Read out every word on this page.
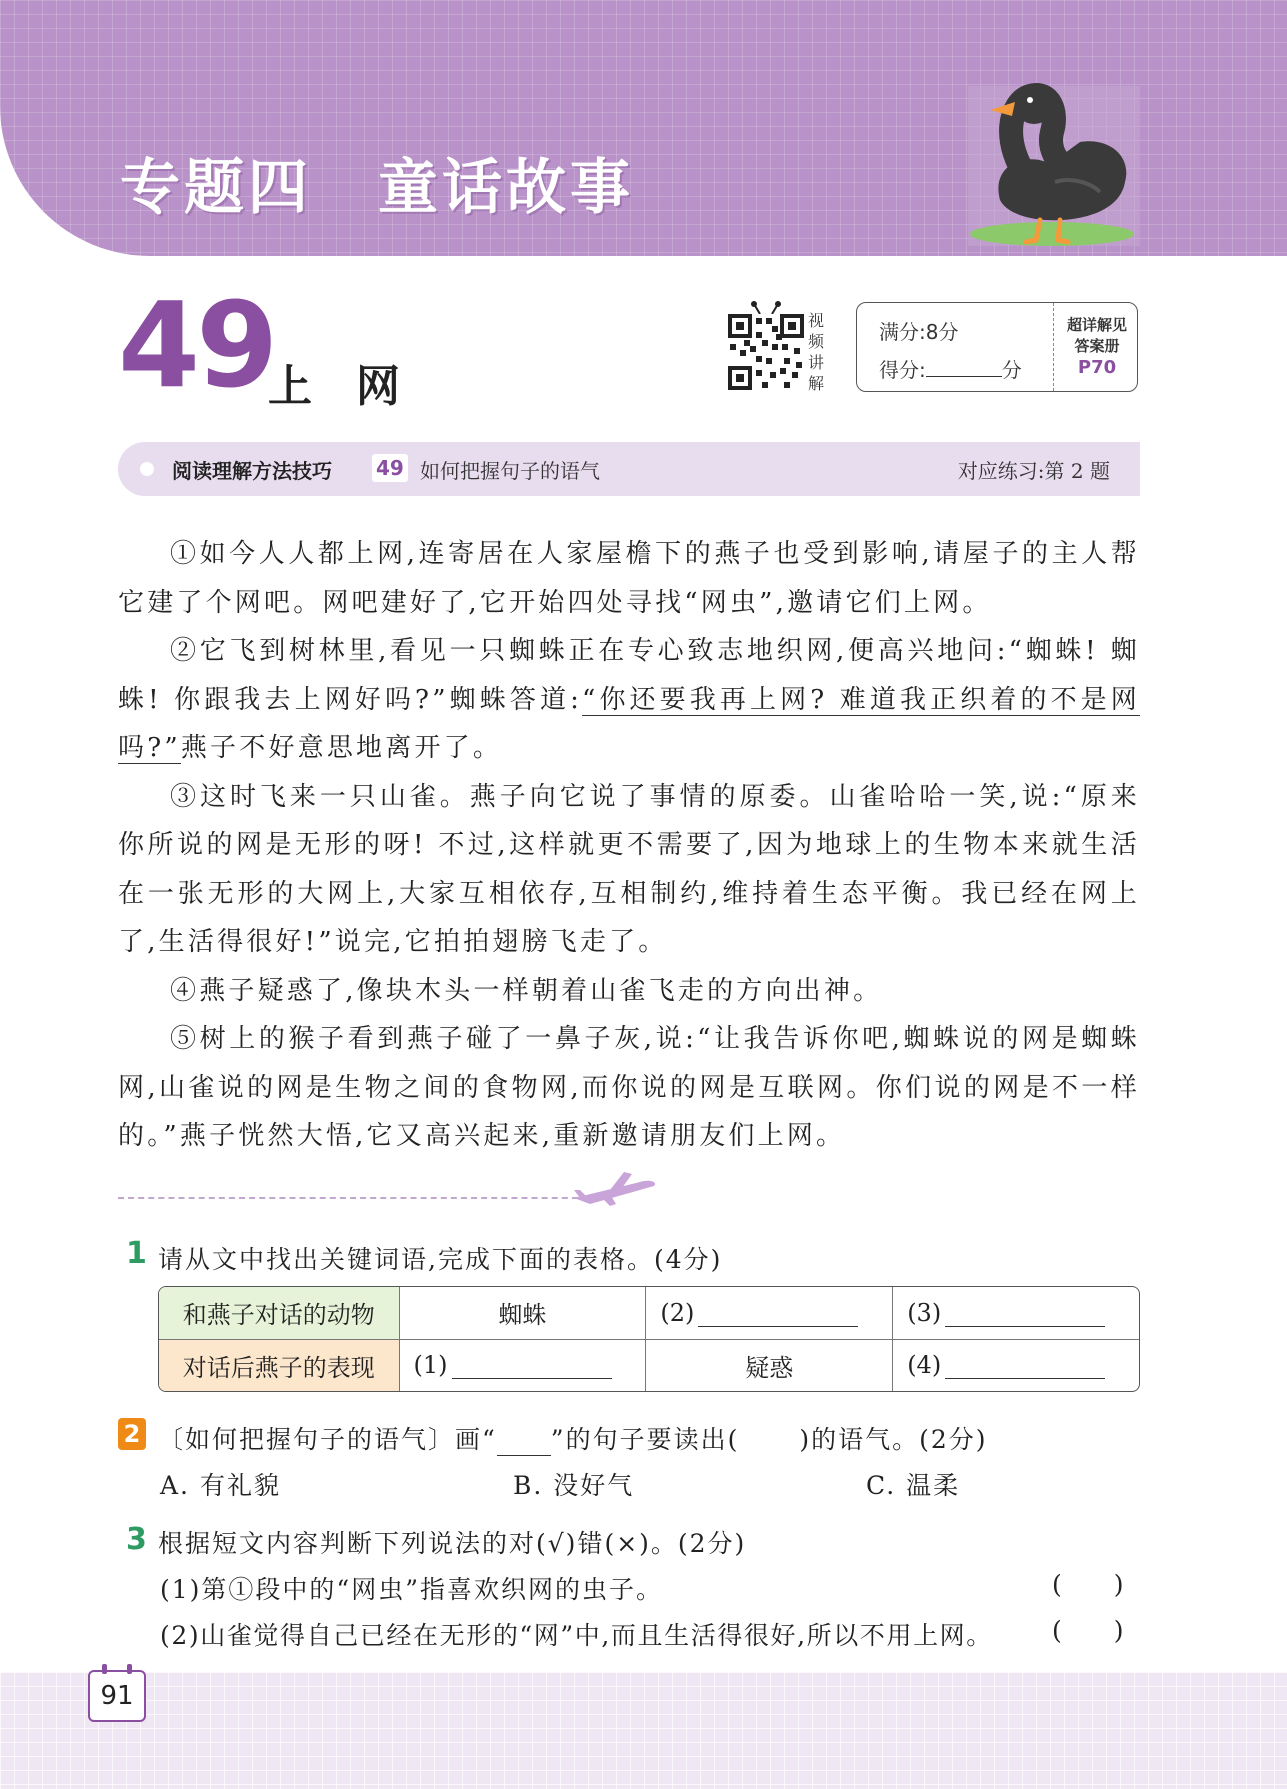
专题四 童话故事
49
上网
视频讲解
满分:8分
得分:	分
超详解见
答案册
P70
阅读理解方法技巧 49 如何把握句子的语气	对应练习:第 2 题

①如今人人都上网,连寄居在人家屋檐下的燕子也受到影响,请屋子的主人帮它建了个网吧。网吧建好了,它开始四处寻找“网虫”,邀请它们上网。

②它飞到树林里,看见一只蜘蛛正在专心致志地织网,便高兴地问:“蜘蛛! 蜘蛛! 你跟我去上网好吗?”蜘蛛答道:“你还要我再上网? 难道我正织着的不是网吗?”燕子不好意思地离开了。

③这时飞来一只山雀。燕子向它说了事情的原委。山雀哈哈一笑,说:“原来你所说的网是无形的呀! 不过,这样就更不需要了,因为地球上的生物本来就生活在一张无形的大网上,大家互相依存,互相制约,维持着生态平衡。我已经在网上了,生活得很好!”说完,它拍拍翅膀飞走了。

④燕子疑惑了,像块木头一样朝着山雀飞走的方向出神。

⑤树上的猴子看到燕子碰了一鼻子灰,说:“让我告诉你吧,蜘蛛说的网是蜘蛛网,山雀说的网是生物之间的食物网,而你说的网是互联网。你们说的网是不一样的。”燕子恍然大悟,它又高兴起来,重新邀请朋友们上网。

1 请从文中找出关键词语,完成下面的表格。(4分)
和燕子对话的动物	蜘蛛	(2)	(3)
对话后燕子的表现	(1)	疑惑	(4)
2 〔如何把握句子的语气〕画“ ”的句子要读出( )的语气。(2分)
A. 有礼貌	B. 没好气	C. 温柔
3 根据短文内容判断下列说法的对(√)错(×)。(2分)
(1)第①段中的“网虫”指喜欢织网的虫子。	( )
(2)山雀觉得自己已经在无形的“网”中,而且生活得很好,所以不用上网。 ( )
91
